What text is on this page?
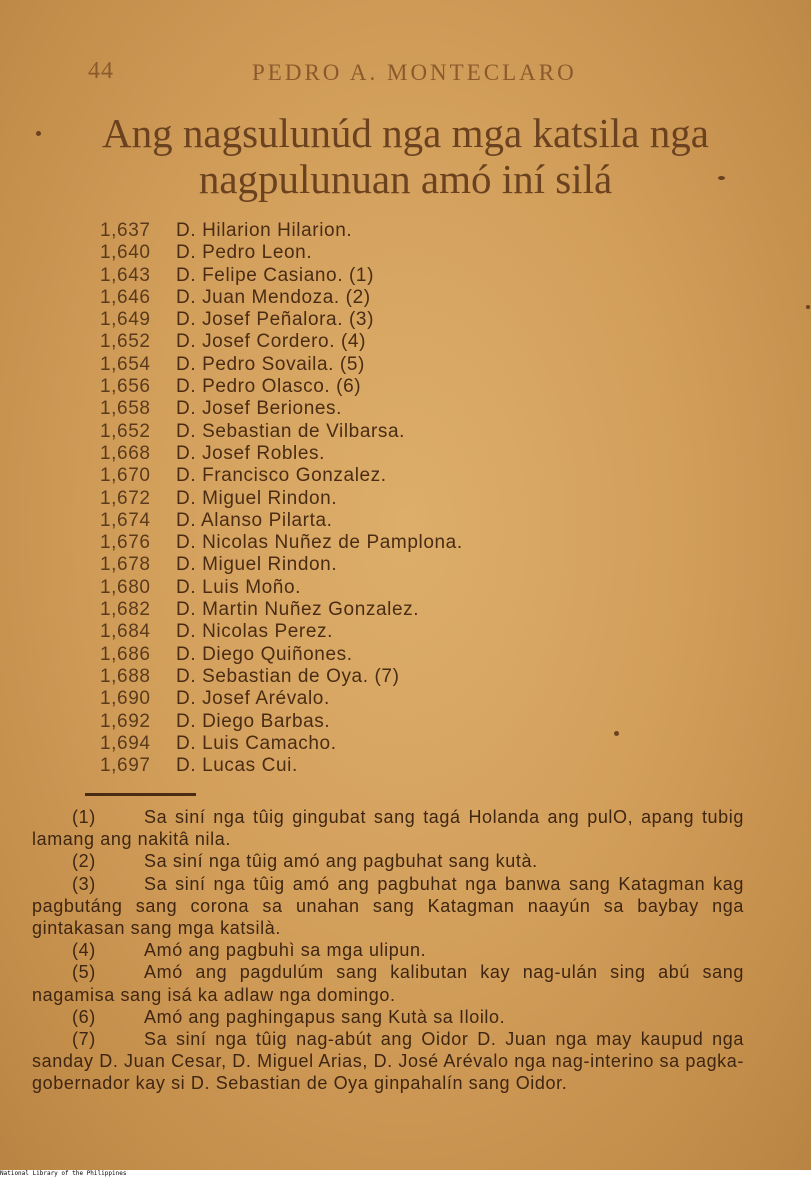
44	PEDRO A. MONTECLARO
Ang nagsulunúd nga mga katsila nga
nagpulunuan amó iní silá
1,637 D. Hilarion Hilarion.
1,640 D. Pedro Leon.
1,643 D. Felipe Casiano. (1)
1,646 D. Juan Mendoza. (2)
1,649 D. Josef Peñalora. (3)
1,652 D. Josef Cordero. (4)
1,654 D. Pedro Sovaila. (5)
1,656 D. Pedro Olasco. (6)
1,658 D. Josef Beriones.
1,652 D. Sebastian de Vilbarsa.
1,668 D. Josef Robles.
1,670 D. Francisco Gonzalez.
1,672 D. Miguel Rindon.
1,674 D. Alanso Pilarta.
1,676 D. Nicolas Nuñez de Pamplona.
1,678 D. Miguel Rindon.
1,680 D. Luis Moño.
1,682 D. Martin Nuñez Gonzalez.
1,684 D. Nicolas Perez.
1,686 D. Diego Quiñones.
1,688 D. Sebastian de Oya. (7)
1,690 D. Josef Arévalo.
1,692 D. Diego Barbas.
1,694 D. Luis Camacho.
1,697 D. Lucas Cui.

(1)	Sa siní nga tûig gingubat sang tagá Holanda ang pulO, apang tubig lamang ang nakitâ nila.

(2)	Sa siní nga tûig amó ang pagbuhat sang kutà.

(3)	Sa siní nga tûig amó ang pagbuhat nga banwa sang Katagman kag pagbutáng sang corona sa unahan sang Katagman naayún sa baybay nga gintakasan sang mga katsilà.

(4)	Amó ang pagbuhì sa mga ulipun.

(5)	Amó ang pagdulúm sang kalibutan kay nag-ulán sing abú sang nagamisa sang isá ka adlaw nga domingo.

(6)	Amó ang paghingapus sang Kutà sa Iloilo.

(7)	Sa siní nga tûig nag-abút ang Oidor D. Juan nga may kaupud nga sanday D. Juan Cesar, D. Miguel Arias, D. José Arévalo nga nag-interino sa pagka-gobernador kay si D. Sebastian de Oya ginpahalín sang Oidor.

National Library of the Philippines
